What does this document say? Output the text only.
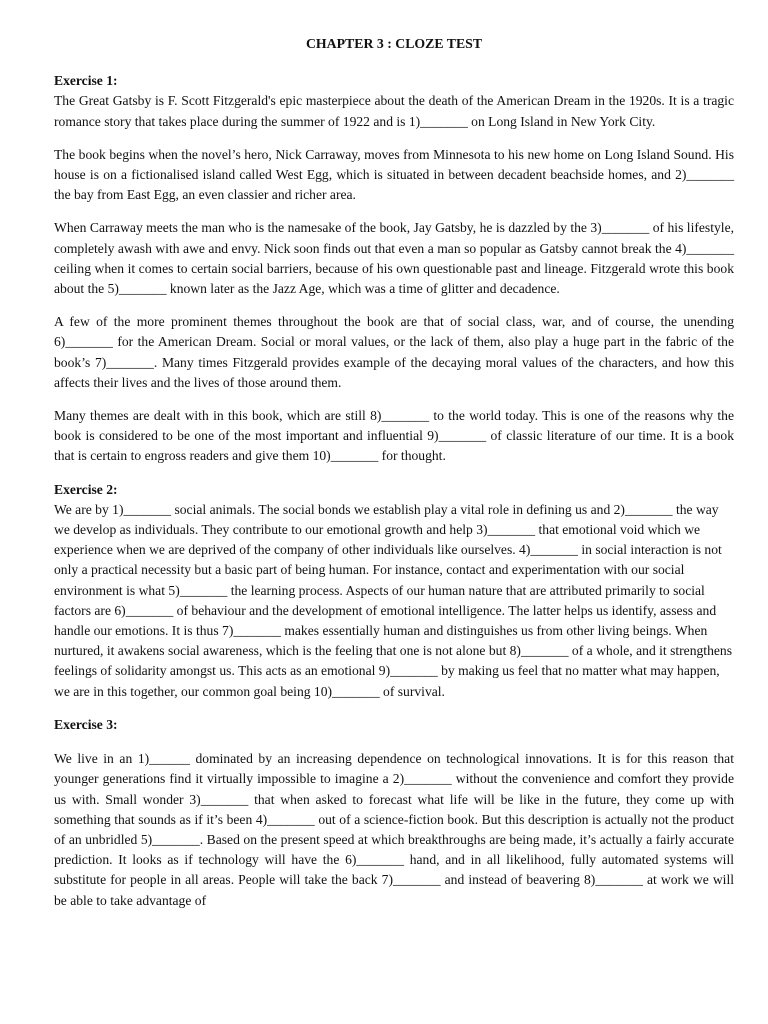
CHAPTER 3 : CLOZE TEST
Exercise 1:

The Great Gatsby is F. Scott Fitzgerald's epic masterpiece about the death of the American Dream in the 1920s. It is a tragic romance story that takes place during the summer of 1922 and is 1)_______ on Long Island in New York City.

The book begins when the novel’s hero, Nick Carraway, moves from Minnesota to his new home on Long Island Sound. His house is on a fictionalised island called West Egg, which is situated in between decadent beachside homes, and 2)_______ the bay from East Egg, an even classier and richer area.

When Carraway meets the man who is the namesake of the book, Jay Gatsby, he is dazzled by the 3)_______ of his lifestyle, completely awash with awe and envy. Nick soon finds out that even a man so popular as Gatsby cannot break the 4)_______ ceiling when it comes to certain social barriers, because of his own questionable past and lineage. Fitzgerald wrote this book about the 5)_______ known later as the Jazz Age, which was a time of glitter and decadence.

A few of the more prominent themes throughout the book are that of social class, war, and of course, the unending 6)_______ for the American Dream. Social or moral values, or the lack of them, also play a huge part in the fabric of the book’s 7)_______. Many times Fitzgerald provides example of the decaying moral values of the characters, and how this affects their lives and the lives of those around them.

Many themes are dealt with in this book, which are still 8)_______ to the world today. This is one of the reasons why the book is considered to be one of the most important and influential 9)_______ of classic literature of our time. It is a book that is certain to engross readers and give them 10)_______ for thought.

Exercise 2:

We are by 1)_______ social animals. The social bonds we establish play a vital role in defining us and 2)_______ the way we develop as individuals. They contribute to our emotional growth and help 3)_______ that emotional void which we experience when we are deprived of the company of other individuals like ourselves. 4)_______ in social interaction is not only a practical necessity but a basic part of being human. For instance, contact and experimentation with our social environment is what 5)_______ the learning process. Aspects of our human nature that are attributed primarily to social factors are 6)_______ of behaviour and the development of emotional intelligence. The latter helps us identify, assess and handle our emotions. It is thus 7)_______ makes essentially human and distinguishes us from other living beings. When nurtured, it awakens social awareness, which is the feeling that one is not alone but 8)_______ of a whole, and it strengthens feelings of solidarity amongst us. This acts as an emotional 9)_______ by making us feel that no matter what may happen, we are in this together, our common goal being 10)_______ of survival.

Exercise 3:

We live in an 1)______ dominated by an increasing dependence on technological innovations. It is for this reason that younger generations find it virtually impossible to imagine a 2)_______ without the convenience and comfort they provide us with. Small wonder 3)_______ that when asked to forecast what life will be like in the future, they come up with something that sounds as if it’s been 4)_______ out of a science-fiction book. But this description is actually not the product of an unbridled 5)_______. Based on the present speed at which breakthroughs are being made, it’s actually a fairly accurate prediction. It looks as if technology will have the 6)_______ hand, and in all likelihood, fully automated systems will substitute for people in all areas. People will take the back 7)_______ and instead of beavering 8)_______ at work we will be able to take advantage of
